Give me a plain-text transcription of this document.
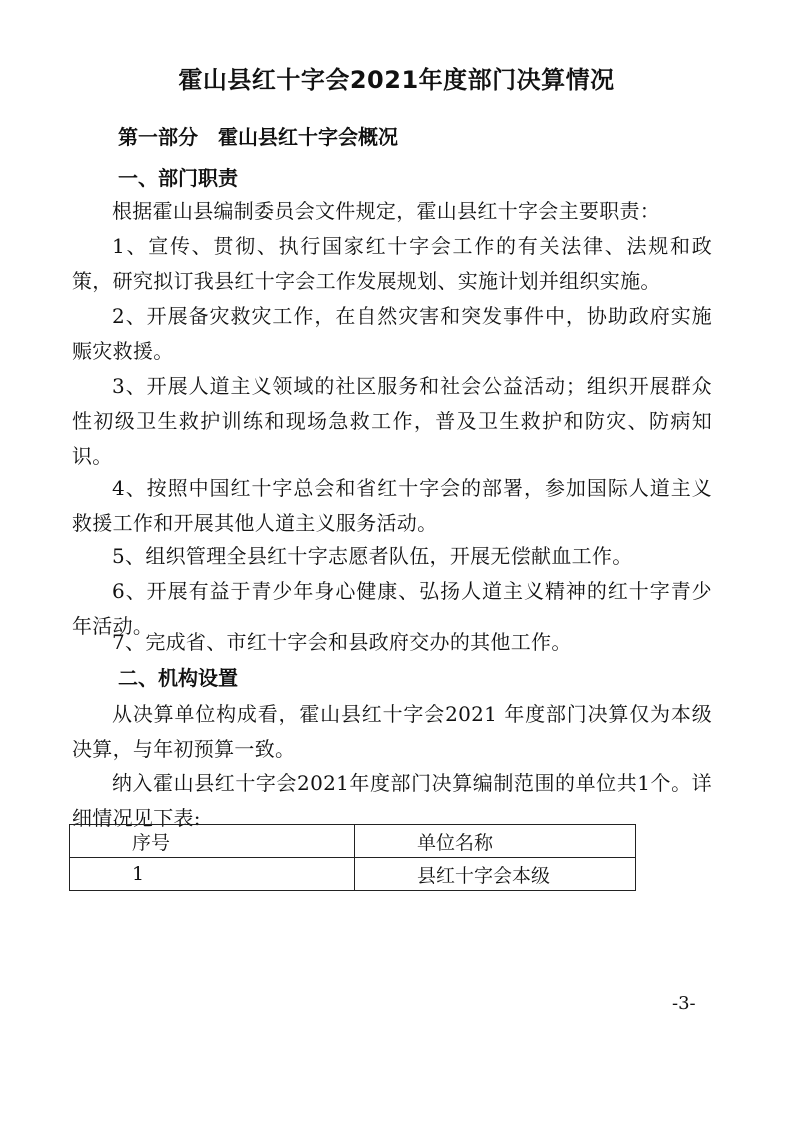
霍山县红十字会2021年度部门决算情况
第一部分　霍山县红十字会概况
一、部门职责

根据霍山县编制委员会文件规定，霍山县红十字会主要职责：

1、宣传、贯彻、执行国家红十字会工作的有关法律、法规和政策，研究拟订我县红十字会工作发展规划、实施计划并组织实施。

2、开展备灾救灾工作，在自然灾害和突发事件中，协助政府实施赈灾救援。

3、开展人道主义领域的社区服务和社会公益活动；组织开展群众性初级卫生救护训练和现场急救工作，普及卫生救护和防灾、防病知识。

4、按照中国红十字总会和省红十字会的部署，参加国际人道主义救援工作和开展其他人道主义服务活动。

5、组织管理全县红十字志愿者队伍，开展无偿献血工作。

6、开展有益于青少年身心健康、弘扬人道主义精神的红十字青少年活动。

7、完成省、市红十字会和县政府交办的其他工作。

二、机构设置

从决算单位构成看，霍山县红十字会2021 年度部门决算仅为本级决算，与年初预算一致。

纳入霍山县红十字会2021年度部门决算编制范围的单位共1个。详细情况见下表:

序号	单位名称
1	县红十字会本级
-3-
